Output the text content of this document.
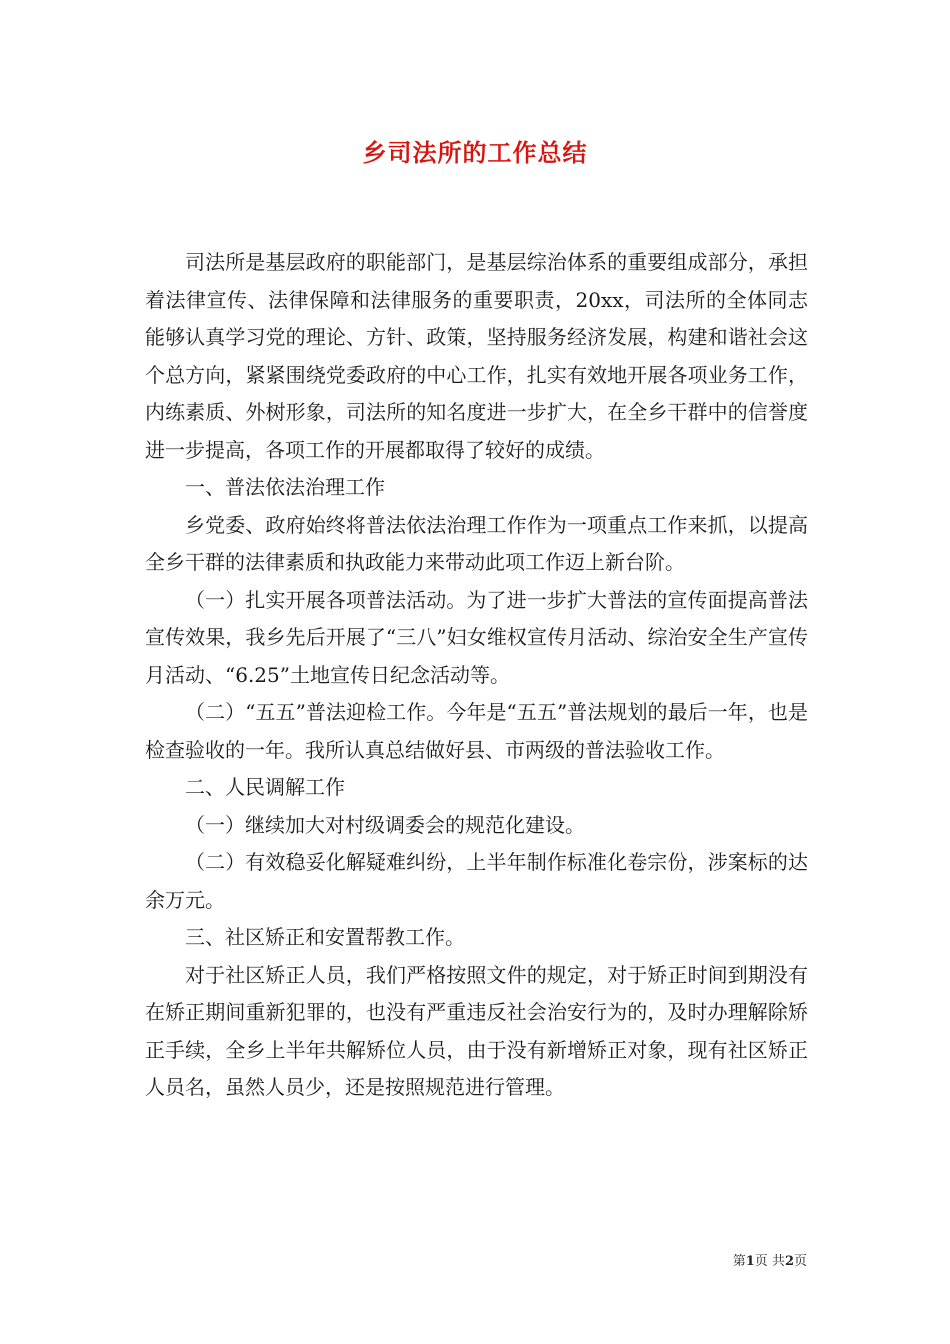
乡司法所的工作总结

司法所是基层政府的职能部门，是基层综治体系的重要组成部分，承担着法律宣传、法律保障和法律服务的重要职责，20xx，司法所的全体同志能够认真学习党的理论、方针、政策，坚持服务经济发展，构建和谐社会这个总方向，紧紧围绕党委政府的中心工作，扎实有效地开展各项业务工作，内练素质、外树形象，司法所的知名度进一步扩大，在全乡干群中的信誉度进一步提高，各项工作的开展都取得了较好的成绩。

一、普法依法治理工作

乡党委、政府始终将普法依法治理工作作为一项重点工作来抓，以提高全乡干群的法律素质和执政能力来带动此项工作迈上新台阶。

（一）扎实开展各项普法活动。为了进一步扩大普法的宣传面提高普法宣传效果，我乡先后开展了“三八”妇女维权宣传月活动、综治安全生产宣传月活动、“6.25”土地宣传日纪念活动等。

（二）“五五”普法迎检工作。今年是“五五”普法规划的最后一年，也是检查验收的一年。我所认真总结做好县、市两级的普法验收工作。

二、人民调解工作

（一）继续加大对村级调委会的规范化建设。

（二）有效稳妥化解疑难纠纷，上半年制作标准化卷宗份，涉案标的达余万元。

三、社区矫正和安置帮教工作。

对于社区矫正人员，我们严格按照文件的规定，对于矫正时间到期没有在矫正期间重新犯罪的，也没有严重违反社会治安行为的，及时办理解除矫正手续，全乡上半年共解矫位人员，由于没有新增矫正对象，现有社区矫正人员名，虽然人员少，还是按照规范进行管理。

第1页 共2页
